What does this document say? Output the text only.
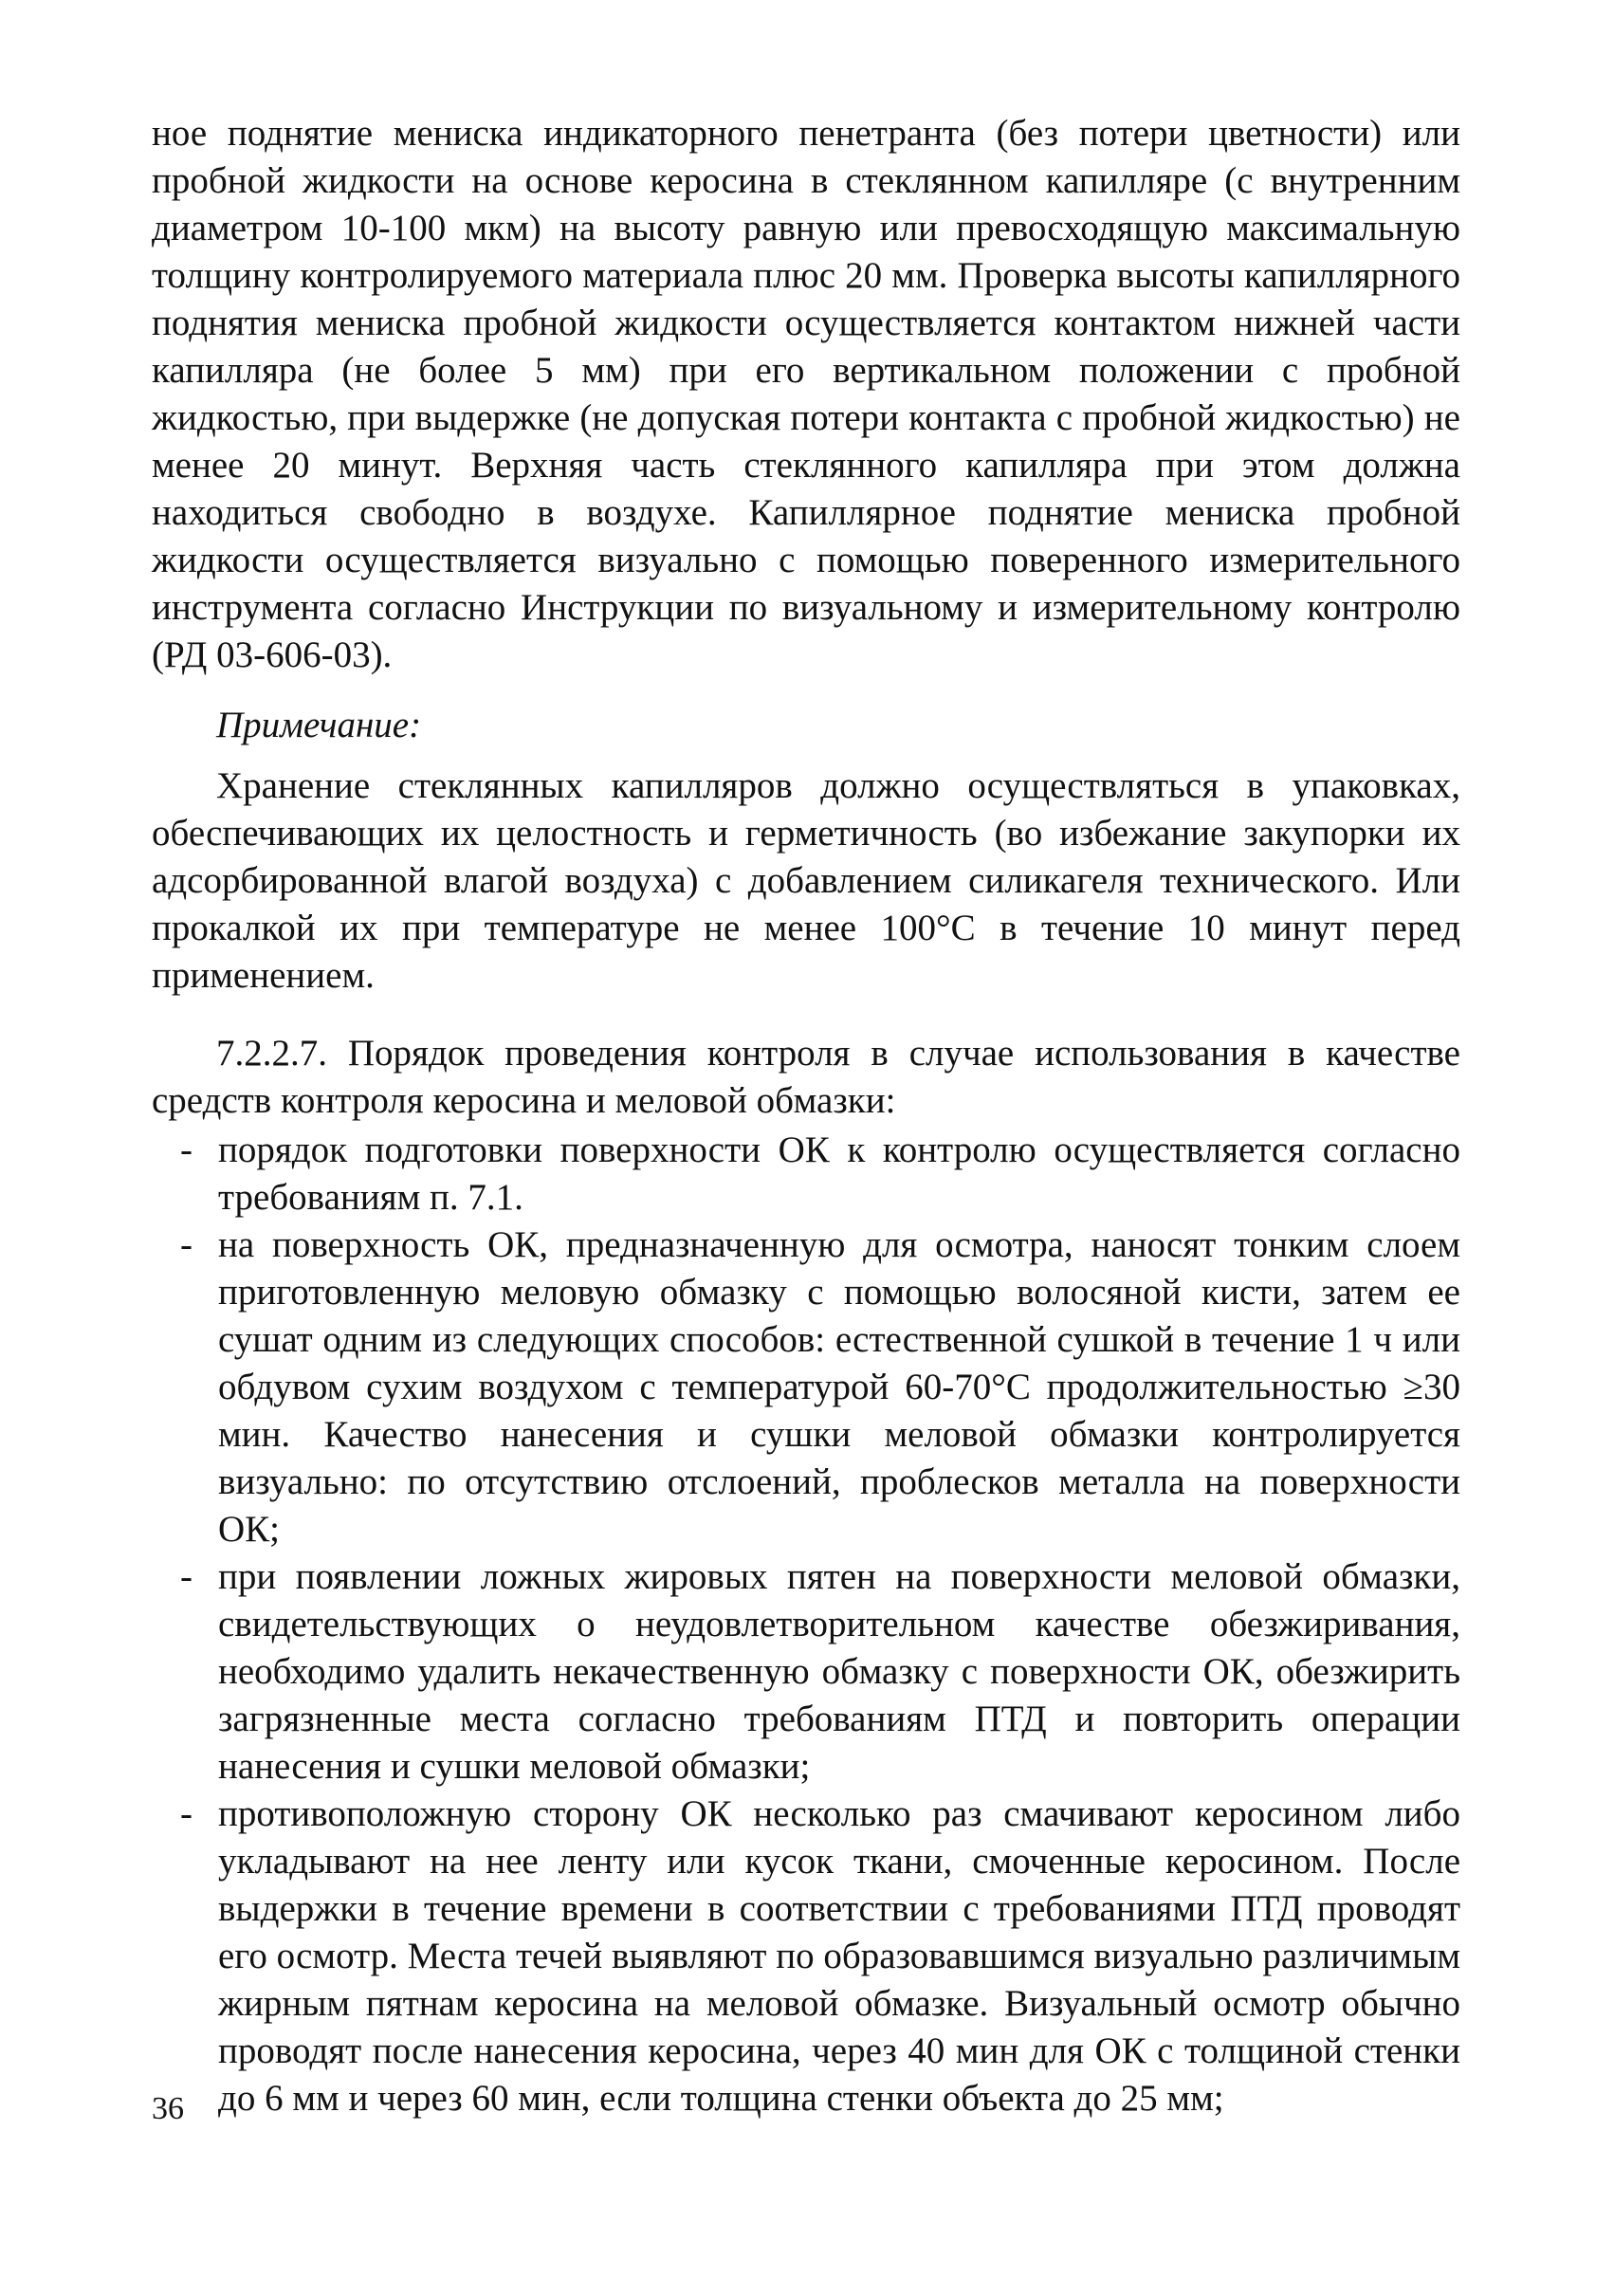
ное поднятие мениска индикаторного пенетранта (без потери цветности) или пробной жидкости на основе керосина в стеклянном капилляре (с внутренним диаметром 10-100 мкм) на высоту равную или превосходящую максимальную толщину контролируемого материала плюс 20 мм. Проверка высоты капиллярного поднятия мениска пробной жидкости осуществляется контактом нижней части капилляра (не более 5 мм) при его вертикальном положении с пробной жидкостью, при выдержке (не допуская потери контакта с пробной жидкостью) не менее 20 минут. Верхняя часть стеклянного капилляра при этом должна находиться свободно в воздухе. Капиллярное поднятие мениска пробной жидкости осуществляется визуально с помощью поверенного измерительного инструмента согласно Инструкции по визуальному и измерительному контролю (РД 03-606-03).

Примечание:

Хранение стеклянных капилляров должно осуществляться в упаковках, обеспечивающих их целостность и герметичность (во избежание закупорки их адсорбированной влагой воздуха) с добавлением силикагеля технического. Или прокалкой их при температуре не менее 100°С в течение 10 минут перед применением.

7.2.2.7. Порядок проведения контроля в случае использования в качестве средств контроля керосина и меловой обмазки:

- порядок подготовки поверхности ОК к контролю осуществляется согласно требованиям п. 7.1.
- на поверхность ОК, предназначенную для осмотра, наносят тонким слоем приготовленную меловую обмазку с помощью волосяной кисти, затем ее сушат одним из следующих способов: естественной сушкой в течение 1 ч или обдувом сухим воздухом с температурой 60-70°С продолжительностью ≥30 мин. Качество нанесения и сушки меловой обмазки контролируется визуально: по отсутствию отслоений, проблесков металла на поверхности ОК;
- при появлении ложных жировых пятен на поверхности меловой обмазки, свидетельствующих о неудовлетворительном качестве обезжиривания, необходимо удалить некачественную обмазку с поверхности ОК, обезжирить загрязненные места согласно требованиям ПТД и повторить операции нанесения и сушки меловой обмазки;
- противоположную сторону ОК несколько раз смачивают керосином либо укладывают на нее ленту или кусок ткани, смоченные керосином. После выдержки в течение времени в соответствии с требованиями ПТД проводят его осмотр. Места течей выявляют по образовавшимся визуально различимым жирным пятнам керосина на меловой обмазке. Визуальный осмотр обычно проводят после нанесения керосина, через 40 мин для ОК с толщиной стенки до 6 мм и через 60 мин, если толщина стенки объекта до 25 мм;
36
